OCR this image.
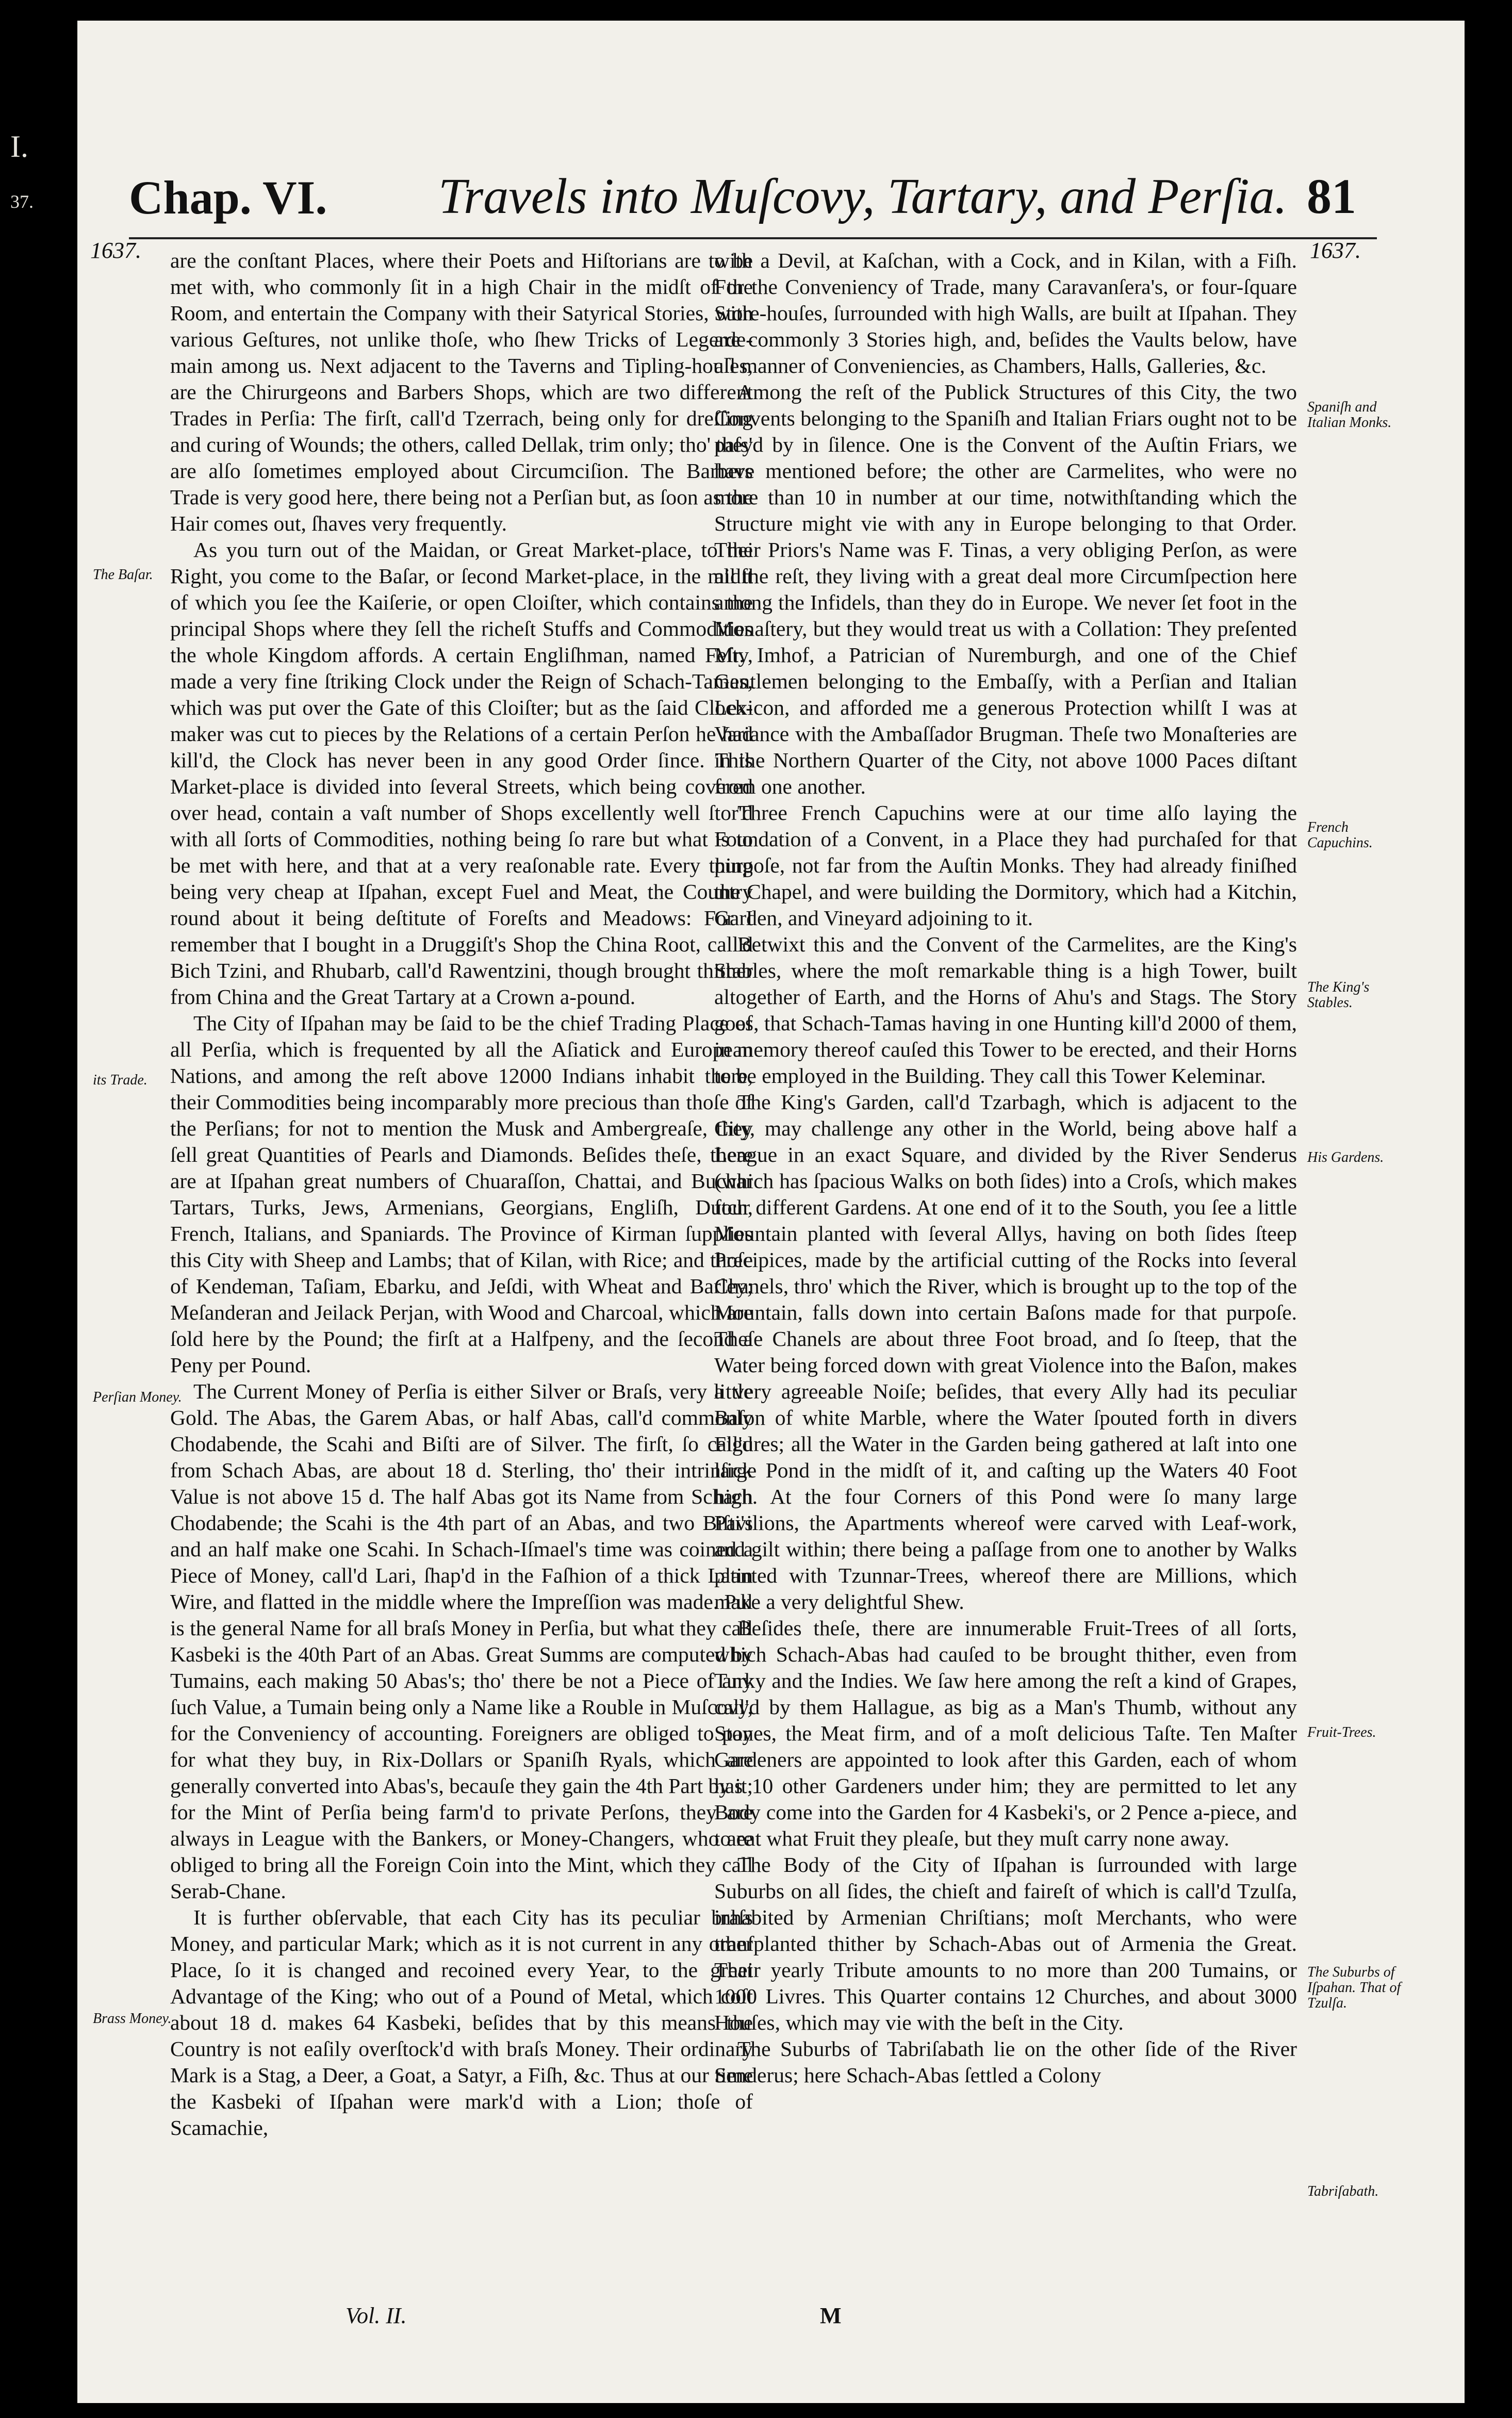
I.
37. Chap. VI. Travels into Muſcovy, Tartary, and Perſia. 81
1637.	1637.
The Baſar.
its Trade.
Perſian Money.
Brass Money.
Spaniſh and Italian Monks.
French Capuchins.
The King's Stables.
His Gardens.
Fruit-Trees.
The Suburbs of Iſpahan. That of Tzulſa.
Tabriſabath.

are the conſtant Places, where their Poets and Hiſtorians are to be met with, who commonly ſit in a high Chair in the midſt of the Room, and entertain the Company with their Satyrical Stories, with various Geſtures, not unlike thoſe, who ſhew Tricks of Legerde-main among us. Next adjacent to the Taverns and Tipling-houſes, are the Chirurgeons and Barbers Shops, which are two different Trades in Perſia: The firſt, call'd Tzerrach, being only for dreſſing and curing of Wounds; the others, called Dellak, trim only; tho' they are alſo ſometimes employed about Circumciſion. The Barbers Trade is very good here, there being not a Perſian but, as ſoon as the Hair comes out, ſhaves very frequently.

As you turn out of the Maidan, or Great Market-place, to the Right, you come to the Baſar, or ſecond Market-place, in the midſt of which you ſee the Kaiſerie, or open Cloiſter, which contains the principal Shops where they ſell the richeſt Stuffs and Commodities the whole Kingdom affords. A certain Engliſhman, named Feſty, made a very fine ſtriking Clock under the Reign of Schach-Tamas, which was put over the Gate of this Cloiſter; but as the ſaid Clock-maker was cut to pieces by the Relations of a certain Perſon he had kill'd, the Clock has never been in any good Order ſince. This Market-place is divided into ſeveral Streets, which being covered over head, contain a vaſt number of Shops excellently well ſtor'd with all ſorts of Commodities, nothing being ſo rare but what is to be met with here, and that at a very reaſonable rate. Every thing being very cheap at Iſpahan, except Fuel and Meat, the Country round about it being deſtitute of Foreſts and Meadows: For I remember that I bought in a Druggiſt's Shop the China Root, call'd Bich Tzini, and Rhubarb, call'd Rawentzini, though brought thither from China and the Great Tartary at a Crown a-pound.

The City of Iſpahan may be ſaid to be the chief Trading Place of all Perſia, which is frequented by all the Aſiatick and European Nations, and among the reſt above 12000 Indians inhabit there, their Commodities being incomparably more precious than thoſe of the Perſians; for not to mention the Musk and Ambergreaſe, they ſell great Quantities of Pearls and Diamonds. Beſides theſe, there are at Iſpahan great numbers of Chuaraſſon, Chattai, and Buchar Tartars, Turks, Jews, Armenians, Georgians, Engliſh, Dutch, French, Italians, and Spaniards. The Province of Kirman ſupplies this City with Sheep and Lambs; that of Kilan, with Rice; and thoſe of Kendeman, Taſiam, Ebarku, and Jeſdi, with Wheat and Barley; Meſanderan and Jeilack Perjan, with Wood and Charcoal, which are ſold here by the Pound; the firſt at a Halfpeny, and the ſecond a Peny per Pound.

The Current Money of Perſia is either Silver or Braſs, very little Gold. The Abas, the Garem Abas, or half Abas, call'd commonly Chodabende, the Scahi and Biſti are of Silver. The firſt, ſo call'd from Schach Abas, are about 18 d. Sterling, tho' their intrinſick Value is not above 15 d. The half Abas got its Name from Schach Chodabende; the Scahi is the 4th part of an Abas, and two Biſti's and an half make one Scahi. In Schach-Iſmael's time was coined a Piece of Money, call'd Lari, ſhap'd in the Faſhion of a thick Latin Wire, and flatted in the middle where the Impreſſion was made. Pul is the general Name for all braſs Money in Perſia, but what they call Kasbeki is the 40th Part of an Abas. Great Summs are computed by Tumains, each making 50 Abas's; tho' there be not a Piece of any ſuch Value, a Tumain being only a Name like a Rouble in Muſcovy, for the Conveniency of accounting. Foreigners are obliged to pay for what they buy, in Rix-Dollars or Spaniſh Ryals, which are generally converted into Abas's, becauſe they gain the 4th Part by it; for the Mint of Perſia being farm'd to private Perſons, they are always in League with the Bankers, or Money-Changers, who are obliged to bring all the Foreign Coin into the Mint, which they call Serab-Chane.

It is further obſervable, that each City has its peculiar braſs Money, and particular Mark; which as it is not current in any other Place, ſo it is changed and recoined every Year, to the great Advantage of the King; who out of a Pound of Metal, which coſt about 18 d. makes 64 Kasbeki, beſides that by this means the Country is not eaſily overſtock'd with braſs Money. Their ordinary Mark is a Stag, a Deer, a Goat, a Satyr, a Fiſh, &c. Thus at our time the Kasbeki of Iſpahan were mark'd with a Lion; thoſe of Scamachie,

with a Devil, at Kaſchan, with a Cock, and in Kilan, with a Fiſh. For the Conveniency of Trade, many Caravanſera's, or four-ſquare Store-houſes, ſurrounded with high Walls, are built at Iſpahan. They are commonly 3 Stories high, and, beſides the Vaults below, have all manner of Conveniencies, as Chambers, Halls, Galleries, &c.

Among the reſt of the Publick Structures of this City, the two Convents belonging to the Spaniſh and Italian Friars ought not to be paſs'd by in ſilence. One is the Convent of the Auſtin Friars, we have mentioned before; the other are Carmelites, who were no more than 10 in number at our time, notwithſtanding which the Structure might vie with any in Europe belonging to that Order. Their Priors's Name was F. Tinas, a very obliging Perſon, as were all the reſt, they living with a great deal more Circumſpection here among the Infidels, than they do in Europe. We never ſet foot in the Monaſtery, but they would treat us with a Collation: They preſented Mr. Imhof, a Patrician of Nuremburgh, and one of the Chief Gentlemen belonging to the Embaſſy, with a Perſian and Italian Lexicon, and afforded me a generous Protection whilſt I was at Variance with the Ambaſſador Brugman. Theſe two Monaſteries are in the Northern Quarter of the City, not above 1000 Paces diſtant from one another.

Three French Capuchins were at our time alſo laying the Foundation of a Convent, in a Place they had purchaſed for that purpoſe, not far from the Auſtin Monks. They had already finiſhed the Chapel, and were building the Dormitory, which had a Kitchin, Garden, and Vineyard adjoining to it.

Betwixt this and the Convent of the Carmelites, are the King's Stables, where the moſt remarkable thing is a high Tower, built altogether of Earth, and the Horns of Ahu's and Stags. The Story goes, that Schach-Tamas having in one Hunting kill'd 2000 of them, in memory thereof cauſed this Tower to be erected, and their Horns to be employed in the Building. They call this Tower Keleminar.

The King's Garden, call'd Tzarbagh, which is adjacent to the City, may challenge any other in the World, being above half a League in an exact Square, and divided by the River Senderus (which has ſpacious Walks on both ſides) into a Croſs, which makes four different Gardens. At one end of it to the South, you ſee a little Mountain planted with ſeveral Allys, having on both ſides ſteep Precipices, made by the artificial cutting of the Rocks into ſeveral Chanels, thro' which the River, which is brought up to the top of the Mountain, falls down into certain Baſons made for that purpoſe. Theſe Chanels are about three Foot broad, and ſo ſteep, that the Water being forced down with great Violence into the Baſon, makes a very agreeable Noiſe; beſides, that every Ally had its peculiar Baſon of white Marble, where the Water ſpouted forth in divers Figures; all the Water in the Garden being gathered at laſt into one large Pond in the midſt of it, and caſting up the Waters 40 Foot high. At the four Corners of this Pond were ſo many large Pavilions, the Apartments whereof were carved with Leaf-work, and gilt within; there being a paſſage from one to another by Walks planted with Tzunnar-Trees, whereof there are Millions, which make a very delightful Shew.

Beſides theſe, there are innumerable Fruit-Trees of all ſorts, which Schach-Abas had cauſed to be brought thither, even from Turky and the Indies. We ſaw here among the reſt a kind of Grapes, call'd by them Hallague, as big as a Man's Thumb, without any Stones, the Meat firm, and of a moſt delicious Taſte. Ten Maſter Gardeners are appointed to look after this Garden, each of whom has 10 other Gardeners under him; they are permitted to let any Body come into the Garden for 4 Kasbeki's, or 2 Pence a-piece, and to eat what Fruit they pleaſe, but they muſt carry none away.

The Body of the City of Iſpahan is ſurrounded with large Suburbs on all ſides, the chieſt and faireſt of which is call'd Tzulſa, inhabited by Armenian Chriſtians; moſt Merchants, who were tranſplanted thither by Schach-Abas out of Armenia the Great. Their yearly Tribute amounts to no more than 200 Tumains, or 1000 Livres. This Quarter contains 12 Churches, and about 3000 Houſes, which may vie with the beſt in the City.

The Suburbs of Tabriſabath lie on the other ſide of the River Senderus; here Schach-Abas ſettled a Colony

Vol. II.	M
